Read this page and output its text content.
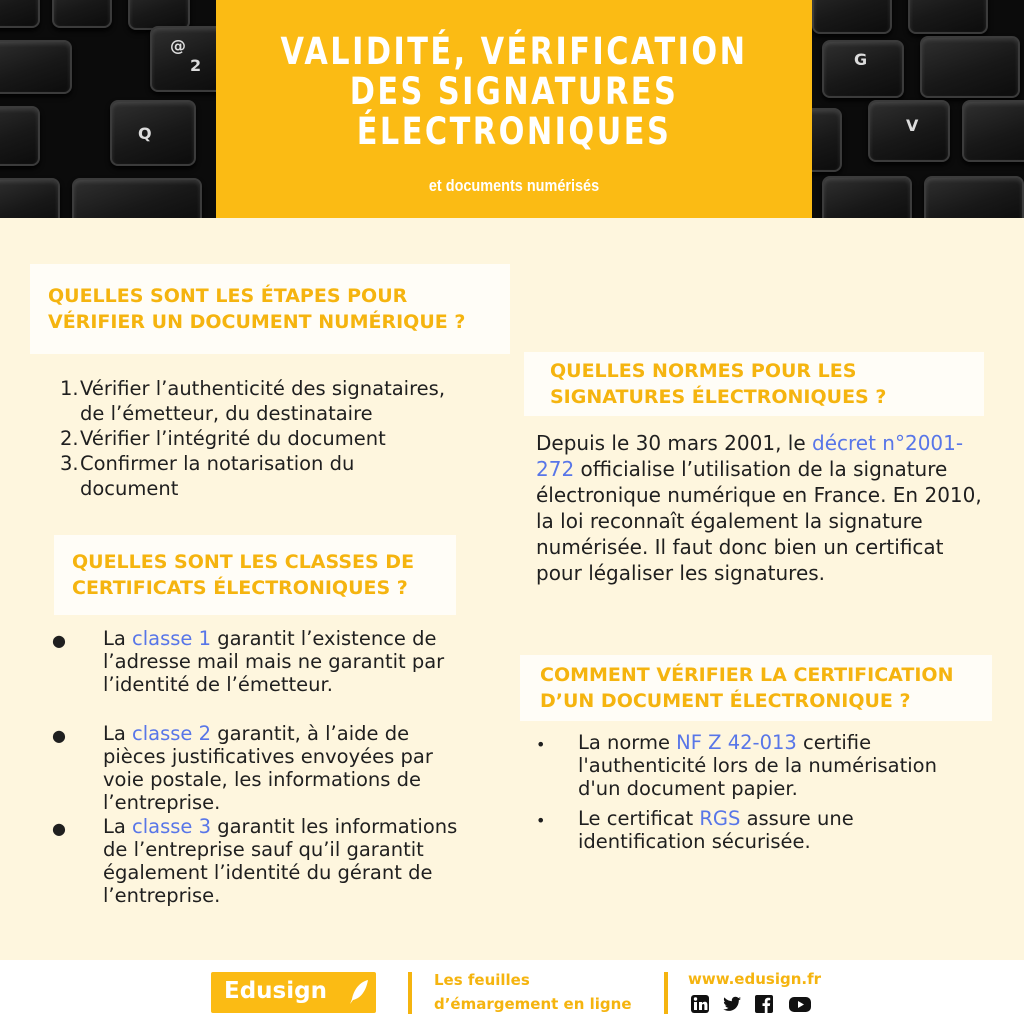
@
2
Q
G
V
VALIDITÉ, VÉRIFICATION
DES SIGNATURES
ÉLECTRONIQUES
et documents numérisés
QUELLES SONT LES ÉTAPES POUR
VÉRIFIER UN DOCUMENT NUMÉRIQUE ?
1. Vérifier l’authenticité des signataires,
de l’émetteur, du destinataire
2. Vérifier l’intégrité du document
3. Confirmer la notarisation du
document
QUELLES SONT LES CLASSES DE
CERTIFICATS ÉLECTRONIQUES ?
● La classe 1 garantit l’existence de l’adresse mail mais ne garantit par l’identité de l’émetteur.
● La classe 2 garantit, à l’aide de pièces justificatives envoyées par voie postale, les informations de l’entreprise.
● La classe 3 garantit les informations de l’entreprise sauf qu’il garantit également l’identité du gérant de l’entreprise.
QUELLES NORMES POUR LES
SIGNATURES ÉLECTRONIQUES ?
Depuis le 30 mars 2001, le décret n°2001-272 officialise l’utilisation de la signature électronique numérique en France. En 2010, la loi reconnaît également la signature numérisée. Il faut donc bien un certificat pour légaliser les signatures.
COMMENT VÉRIFIER LA CERTIFICATION
D’UN DOCUMENT ÉLECTRONIQUE ?
• La norme NF Z 42-013 certifie l'authenticité lors de la numérisation d'un document papier.
• Le certificat RGS assure une identification sécurisée.
Edusign	Les feuilles
d’émargement en ligne
www.edusign.fr
